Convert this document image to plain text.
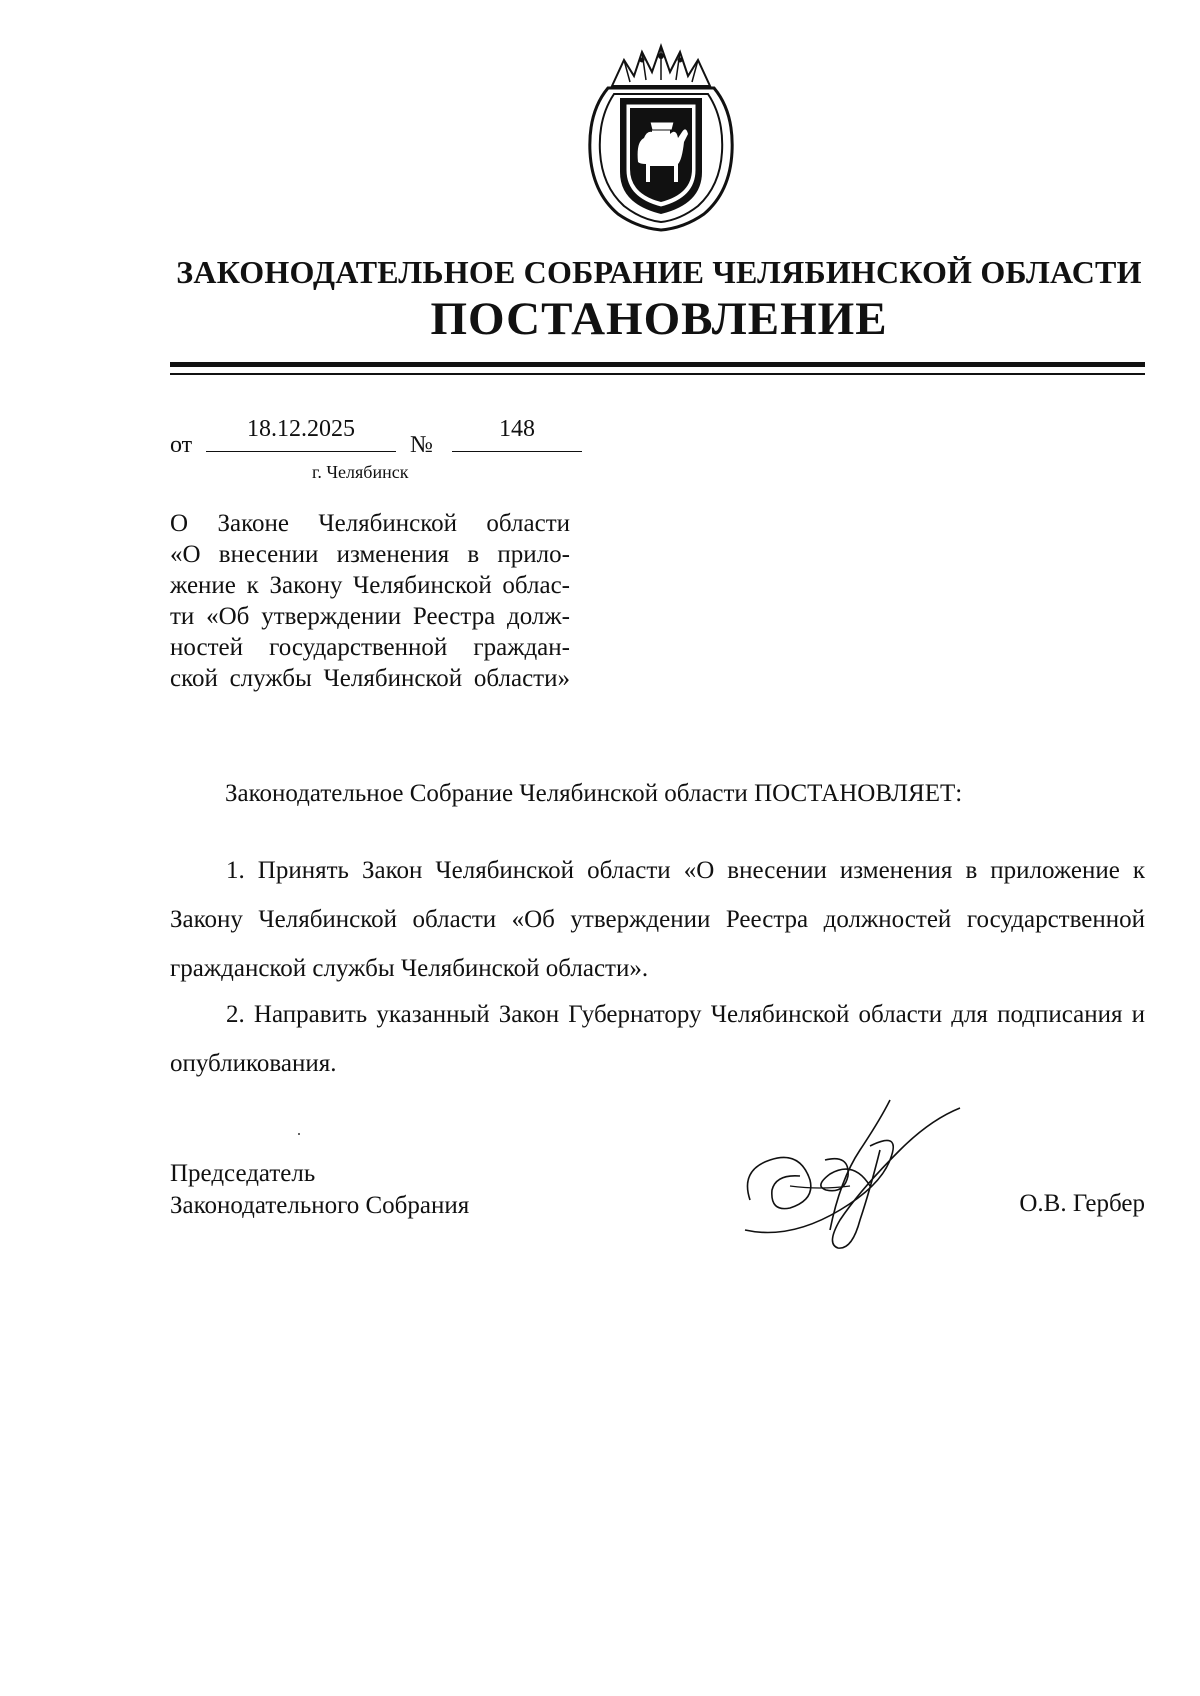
ЗАКОНОДАТЕЛЬНОЕ СОБРАНИЕ ЧЕЛЯБИНСКОЙ ОБЛАСТИ
ПОСТАНОВЛЕНИЕ
от
18.12.2025
№
148
г. Челябинск
О Законе Челябинской области
«О внесении изменения в прило-
жение к Закону Челябинской облас-
ти «Об утверждении Реестра долж-
ностей государственной граждан-
ской службы Челябинской области»
Законодательное Собрание Челябинской области ПОСТАНОВЛЯЕТ:
1. Принять Закон Челябинской области «О внесении изменения в приложение к Закону Челябинской области «Об утверждении Реестра должностей государственной гражданской службы Челябинской области».
2. Направить указанный Закон Губернатору Челябинской области для подписания и опубликования.
Председатель
Законодательного Собрания	О.В. Гербер
